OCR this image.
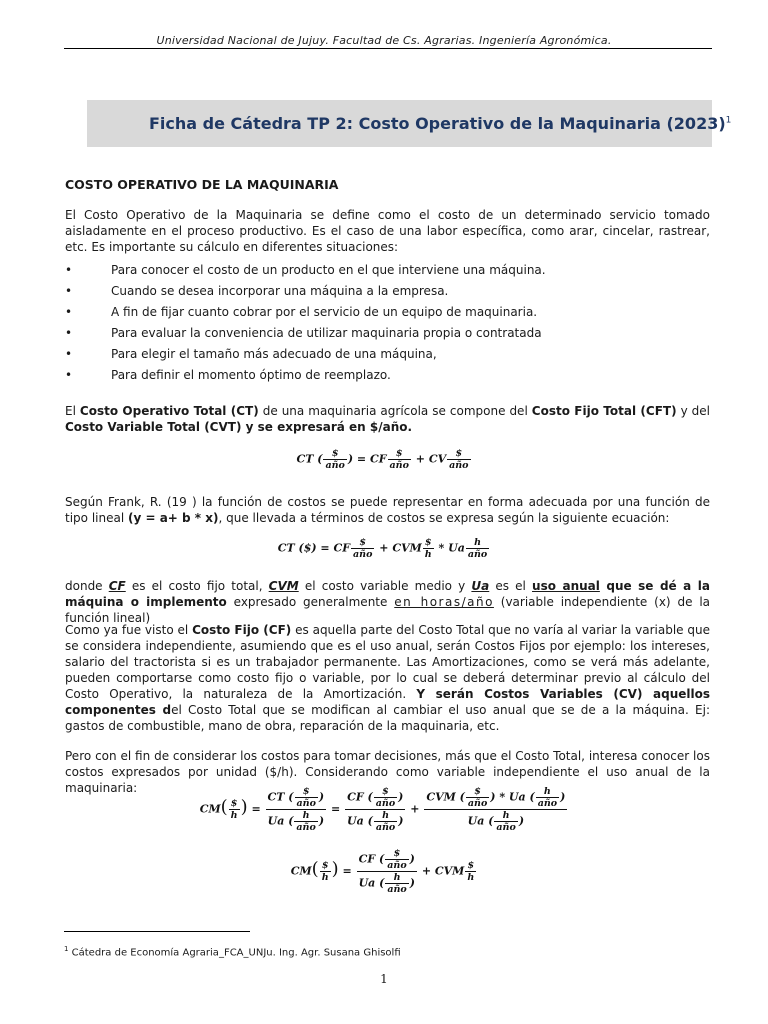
Universidad Nacional de Jujuy. Facultad de Cs. Agrarias. Ingeniería Agronómica.
Ficha de Cátedra TP 2: Costo Operativo de la Maquinaria $(2023)^1$
COSTO OPERATIVO DE LA MAQUINARIA
El Costo Operativo de la Maquinaria se define como el costo de un determinado servicio tomado aisladamente en el proceso productivo. Es el caso de una labor específica, como arar, cincelar, rastrear, etc. Es importante su cálculo en diferentes situaciones:
•	Para conocer el costo de un producto en el que interviene una máquina.
•	Cuando se desea incorporar una máquina a la empresa.
•	A fin de fijar cuanto cobrar por el servicio de un equipo de maquinaria.
•	Para evaluar la conveniencia de utilizar maquinaria propia o contratada
•	Para elegir el tamaño más adecuado de una máquina,
•	Para definir el momento óptimo de reemplazo.
El Costo Operativo Total (CT) de una maquinaria agrícola se compone del Costo Fijo Total (CFT) y del Costo Variable Total (CVT) y se expresará en $/año.
CT ( $\frac{\$}{\text{año}}$ ) = CF $\frac{\$}{\text{año}}$ + CV $\frac{\$}{\text{año}}$
Según Frank, R. (19 ) la función de costos se puede representar en forma adecuada por una función de tipo lineal (y = a+ b * x), que llevada a términos de costos se expresa según la siguiente ecuación:
CT ($) = CF $\frac{\$}{\text{año}}$ + CVM $\frac{\$}{h}$ * Ua $\frac{h}{\text{año}}$
donde CF es el costo fijo total, CVM el costo variable medio y Ua es el uso anual que se dé a la máquina o implemento expresado generalmente en horas/año (variable independiente (x) de la función lineal)
Como ya fue visto el Costo Fijo (CF) es aquella parte del Costo Total que no varía al variar la variable que se considera independiente, asumiendo que es el uso anual, serán Costos Fijos por ejemplo: los intereses, salario del tractorista si es un trabajador permanente. Las Amortizaciones, como se verá más adelante, pueden comportarse como costo fijo o variable, por lo cual se deberá determinar previo al cálculo del Costo Operativo, la naturaleza de la Amortización. Y serán Costos Variables (CV) aquellos componentes del Costo Total que se modifican al cambiar el uso anual que se de a la máquina. Ej: gastos de combustible, mano de obra, reparación de la maquinaria, etc.
Pero con el fin de considerar los costos para tomar decisiones, más que el Costo Total, interesa conocer los costos expresados por unidad ($/h). Considerando como variable independiente el uso anual de la maquinaria:
$CM( \frac{\$}{h}$ ) = $\frac{CT ( \frac{\$}{\text{año}} )}{Ua ( \frac{h}{\text{año}} )} = \frac{CF ( \frac{\$}{\text{año}} )}{Ua ( \frac{h}{\text{año}} )} + \frac{CVM ( \frac{\$}{\text{año}} ) * Ua ( \frac{h}{\text{año}} )}{Ua ( \frac{h}{\text{año}} )}$
$CM( \frac{\$}{h}$ ) = $\frac{CF ( \frac{\$}{\text{año}} )}{Ua ( \frac{h}{\text{año}} )}$ + CVM $\frac{\$}{h}$
$^1$ Cátedra de Economía Agraria_FCA_UNJu. Ing. Agr. Susana Ghisolfi
1
